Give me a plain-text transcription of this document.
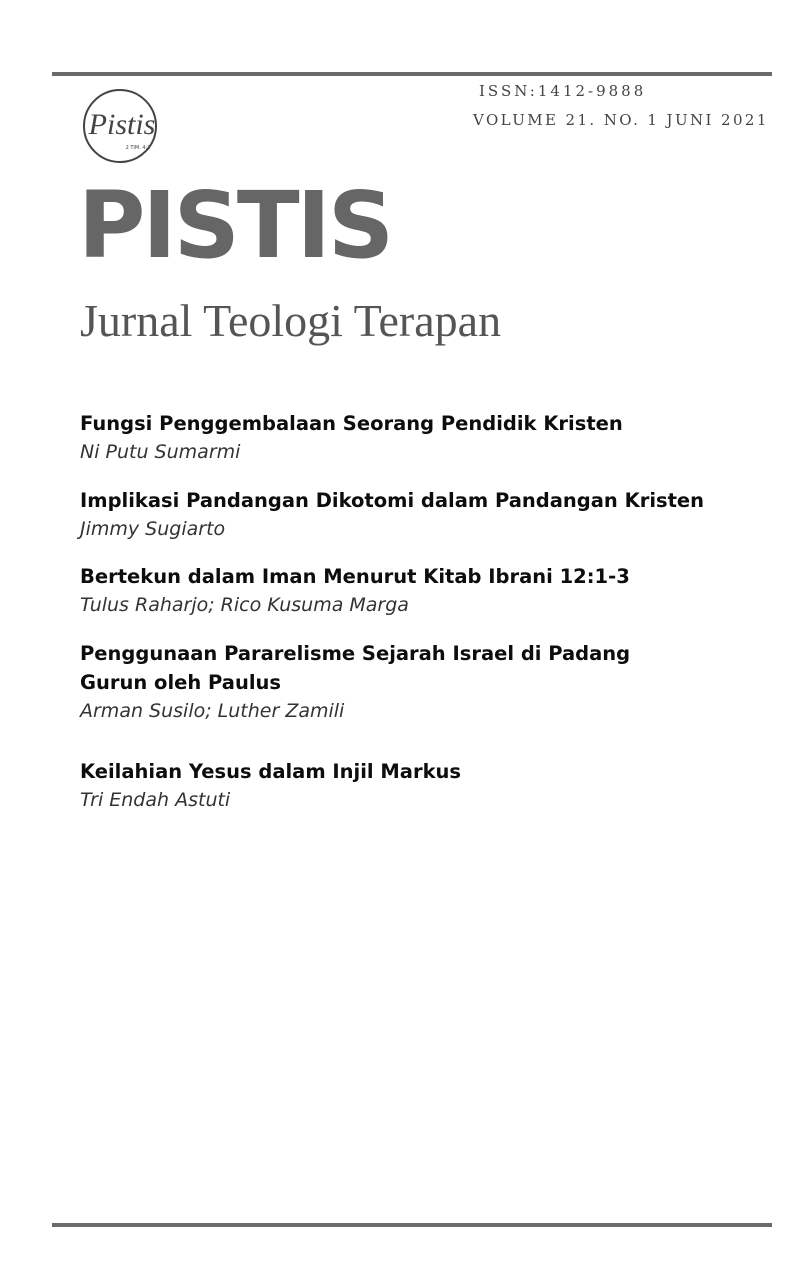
ISSN:1412-9888
VOLUME 21. NO. 1 JUNI 2021
Pistis
2 TIM. 4:2
PISTIS
Jurnal Teologi Terapan
Fungsi Penggembalaan Seorang Pendidik Kristen
Ni Putu Sumarmi
Implikasi Pandangan Dikotomi dalam Pandangan Kristen
Jimmy Sugiarto
Bertekun dalam Iman Menurut Kitab Ibrani 12:1-3
Tulus Raharjo; Rico Kusuma Marga
Penggunaan Pararelisme Sejarah Israel di Padang Gurun oleh Paulus
Arman Susilo; Luther Zamili
Keilahian Yesus dalam Injil Markus
Tri Endah Astuti
